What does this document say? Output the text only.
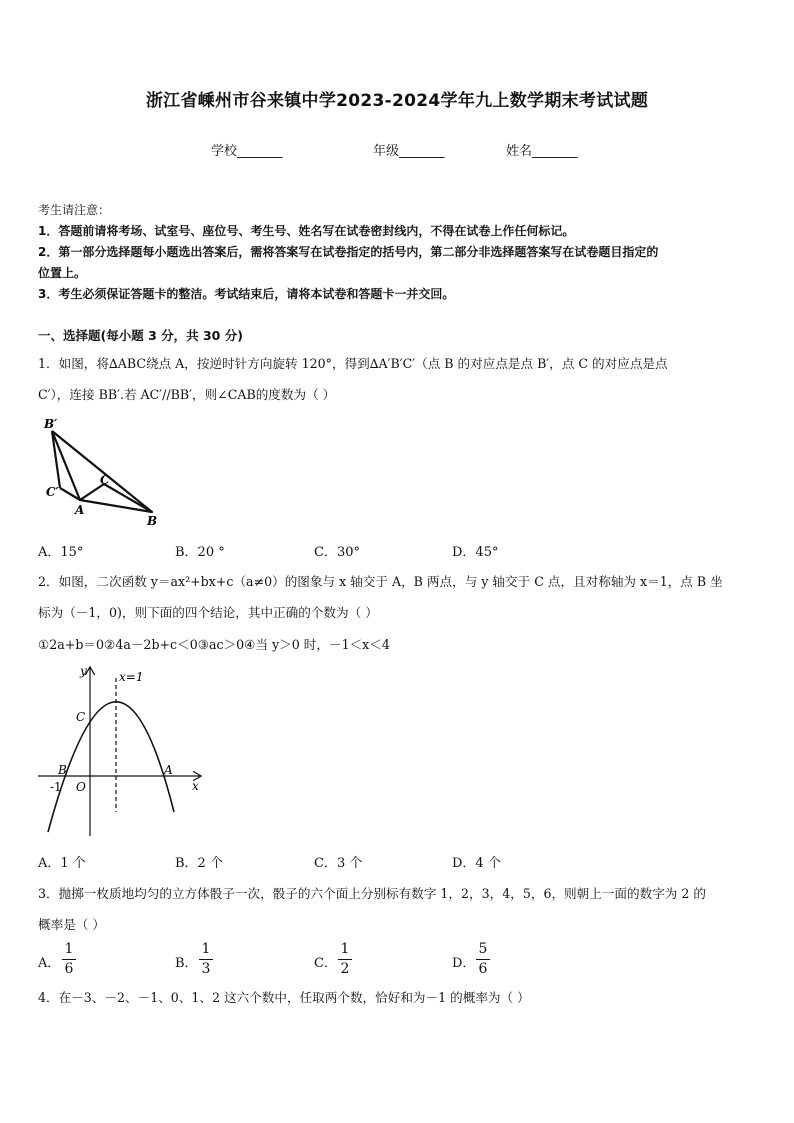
浙江省嵊州市谷来镇中学2023-2024学年九上数学期末考试试题
学校_______	年级_______	姓名_______
考生请注意：
1．答题前请将考场、试室号、座位号、考生号、姓名写在试卷密封线内，不得在试卷上作任何标记。
2．第一部分选择题每小题选出答案后，需将答案写在试卷指定的括号内，第二部分非选择题答案写在试卷题目指定的
位置上。
3．考生必须保证答题卡的整洁。考试结束后，请将本试卷和答题卡一并交回。
一、选择题(每小题 3 分，共 30 分)
1．如图，将∆ABC绕点 A，按逆时针方向旋转 120°，得到∆A′B′C′（点 B 的对应点是点 B′，点 C 的对应点是点
C′），连接 BB′.若 AC′//BB′，则∠CAB的度数为（ ）
B′
C′
C
A
B
A．15°	B．20 °	C．30°	D．45°
2．如图，二次函数 y＝ax²+bx+c（a≠0）的图象与 x 轴交于 A，B 两点，与 y 轴交于 C 点，且对称轴为 x＝1，点 B 坐
标为（－1，0)，则下面的四个结论，其中正确的个数为（ ）
①2a+b＝0②4a－2b+c＜0③ac＞0④当 y＞0 时，－1＜x＜4
y	x=1
C
B	A
-1 O	x
A．1 个	B．2 个	C．3 个	D．4 个
3．抛掷一枚质地均匀的立方体骰子一次，骰子的六个面上分别标有数字 1，2，3，4，5，6，则朝上一面的数字为 2 的
概率是（ ）
A．
1
6	B．
1
3	C．
1
2	D．
5
6
4．在－3、－2、－1、0、1、2 这六个数中，任取两个数，恰好和为－1 的概率为（ ）
